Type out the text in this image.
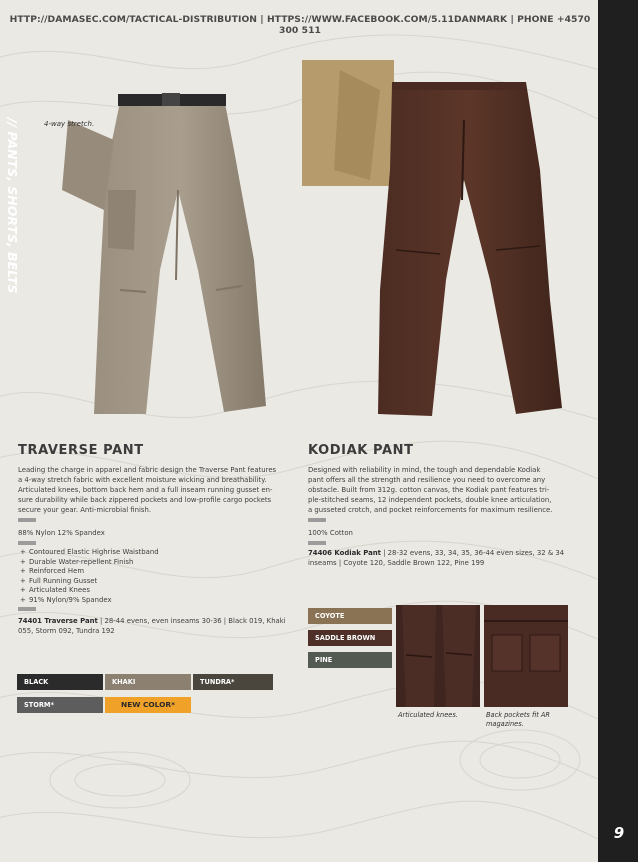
HTTP://DAMASEC.COM/TACTICAL-DISTRIBUTION | HTTPS://WWW.FACEBOOK.COM/5.11DANMARK | PHONE +4570 300 511
// PANTS, SHORTS, BELTS
9
4-way stretch.
TRAVERSE PANT
Leading the charge in apparel and fabric design the Traverse Pant features
a 4-way stretch fabric with excellent moisture wicking and breathability.
Articulated knees, bottom back hem and a full inseam running gusset en-
sure durability while back zippered pockets and low-profile cargo pockets
secure your gear. Anti-microbial finish.
88% Nylon 12% Spandex
+ Contoured Elastic Highrise Waistband
+ Durable Water-repellent Finish
+ Reinforced Hem
+ Full Running Gusset
+ Articulated Knees
+ 91% Nylon/9% Spandex
74401 Traverse Pant | 28-44 evens, even inseams 30-36 | Black 019, Khaki
055, Storm 092, Tundra 192
BLACK	KHAKI	TUNDRA*
STORM*	NEW COLOR*
KODIAK PANT
Designed with reliability in mind, the tough and dependable Kodiak
pant offers all the strength and resilience you need to overcome any
obstacle. Built from 312g. cotton canvas, the Kodiak pant features tri-
ple-stitched seams, 12 independent pockets, double knee articulation,
a gusseted crotch, and pocket reinforcements for maximum resilience.
100% Cotton
74406 Kodiak Pant | 28-32 evens, 33, 34, 35, 36-44 even sizes, 32 & 34
inseams | Coyote 120, Saddle Brown 122, Pine 199
COYOTE
SADDLE BROWN
PINE
Articulated knees.	Back pockets fit AR
magazines.
